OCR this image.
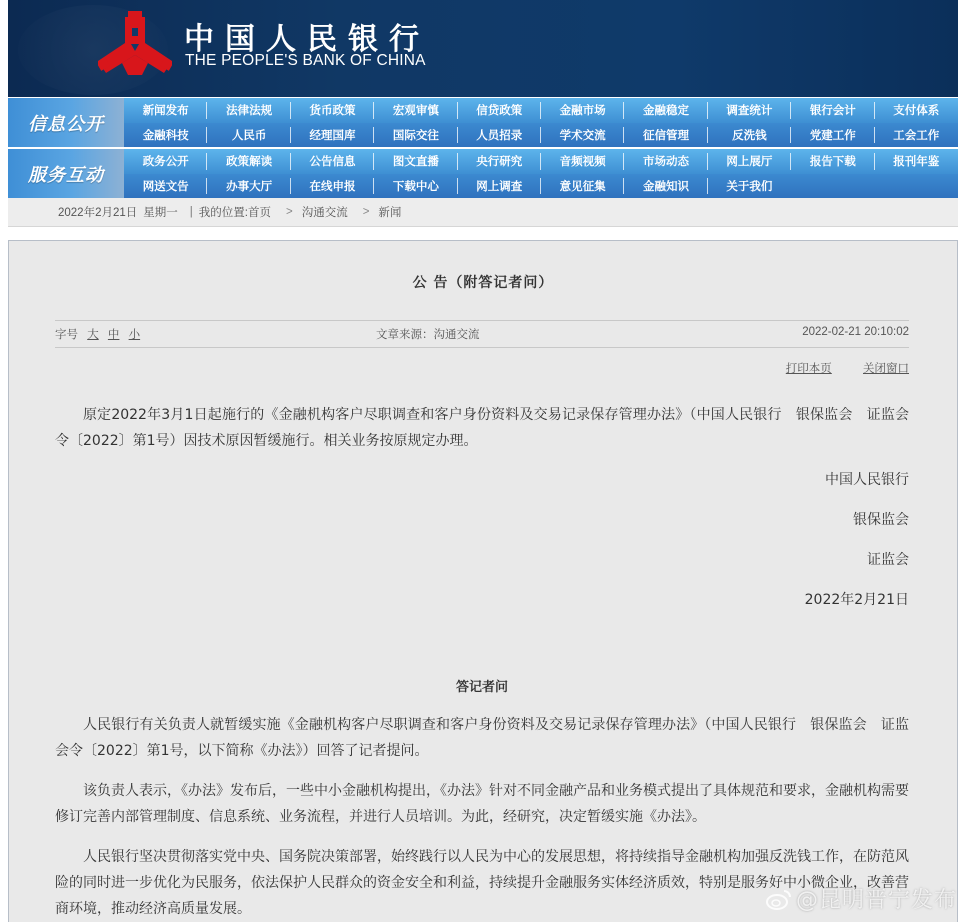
中国人民银行
THE PEOPLE'S BANK OF CHINA
信息公开
新闻发布	法律法规	货币政策	宏观审慎	信贷政策	金融市场	金融稳定	调查统计	银行会计	支付体系
金融科技	人民币	经理国库	国际交往	人员招录	学术交流	征信管理	反洗钱	党建工作	工会工作
服务互动
政务公开	政策解读	公告信息	图文直播	央行研究	音频视频	市场动态	网上展厅	报告下载	报刊年鉴
网送文告	办事大厅	在线申报	下载中心	网上调查	意见征集	金融知识	关于我们
2022年2月21日 星期一 | 我的位置: 首页 > 沟通交流 > 新闻
公 告（附答记者问）
字号 大 中 小	文章来源：沟通交流	2022-02-21 20:10:02
打印本页	关闭窗口

原定2022年3月1日起施行的《金融机构客户尽职调查和客户身份资料及交易记录保存管理办法》（中国人民银行　银保监会　证监会令〔2022〕第1号）因技术原因暂缓施行。相关业务按原规定办理。

中国人民银行
银保监会
证监会
2022年2月21日
答记者问

人民银行有关负责人就暂缓实施《金融机构客户尽职调查和客户身份资料及交易记录保存管理办法》（中国人民银行　银保监会　证监会令〔2022〕第1号，以下简称《办法》）回答了记者提问。

该负责人表示，《办法》发布后，一些中小金融机构提出，《办法》针对不同金融产品和业务模式提出了具体规范和要求，金融机构需要修订完善内部管理制度、信息系统、业务流程，并进行人员培训。为此，经研究，决定暂缓实施《办法》。

人民银行坚决贯彻落实党中央、国务院决策部署，始终践行以人民为中心的发展思想，将持续指导金融机构加强反洗钱工作，在防范风险的同时进一步优化为民服务，依法保护人民群众的资金安全和利益，持续提升金融服务实体经济质效，特别是服务好中小微企业，改善营商环境，推动经济高质量发展。	@昆明晋宁发布
